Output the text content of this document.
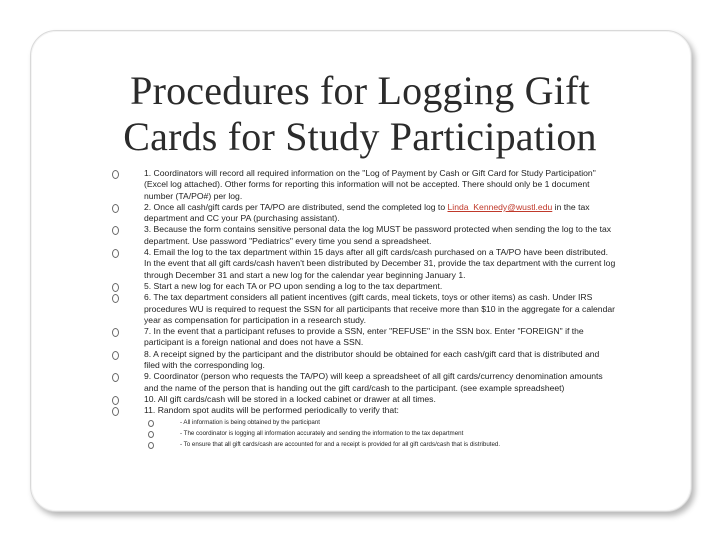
Procedures for Logging Gift Cards for Study Participation
1. Coordinators will record all required information on the "Log of Payment by Cash or Gift Card for Study Participation" (Excel log attached). Other forms for reporting this information will not be accepted. There should only be 1 document number (TA/PO#) per log.
2. Once all cash/gift cards per TA/PO are distributed, send the completed log to Linda_Kennedy@wustl.edu in the tax department and CC your PA (purchasing assistant).
3. Because the form contains sensitive personal data the log MUST be password protected when sending the log to the tax department. Use password "Pediatrics" every time you send a spreadsheet.
4. Email the log to the tax department within 15 days after all gift cards/cash purchased on a TA/PO have been distributed. In the event that all gift cards/cash haven't been distributed by December 31, provide the tax department with the current log through December 31 and start a new log for the calendar year beginning January 1.
5. Start a new log for each TA or PO upon sending a log to the tax department.
6. The tax department considers all patient incentives (gift cards, meal tickets, toys or other items) as cash. Under IRS procedures WU is required to request the SSN for all participants that receive more than $10 in the aggregate for a calendar year as compensation for participation in a research study.
7. In the event that a participant refuses to provide a SSN, enter "REFUSE" in the SSN box. Enter "FOREIGN" if the participant is a foreign national and does not have a SSN.
8. A receipt signed by the participant and the distributor should be obtained for each cash/gift card that is distributed and filed with the corresponding log.
9. Coordinator (person who requests the TA/PO) will keep a spreadsheet of all gift cards/currency denomination amounts and the name of the person that is handing out the gift card/cash to the participant. (see example spreadsheet)
10. All gift cards/cash will be stored in a locked cabinet or drawer at all times.
11. Random spot audits will be performed periodically to verify that:
- All information is being obtained by the participant
- The coordinator is logging all information accurately and sending the information to the tax department
- To ensure that all gift cards/cash are accounted for and a receipt is provided for all gift cards/cash that is distributed.
